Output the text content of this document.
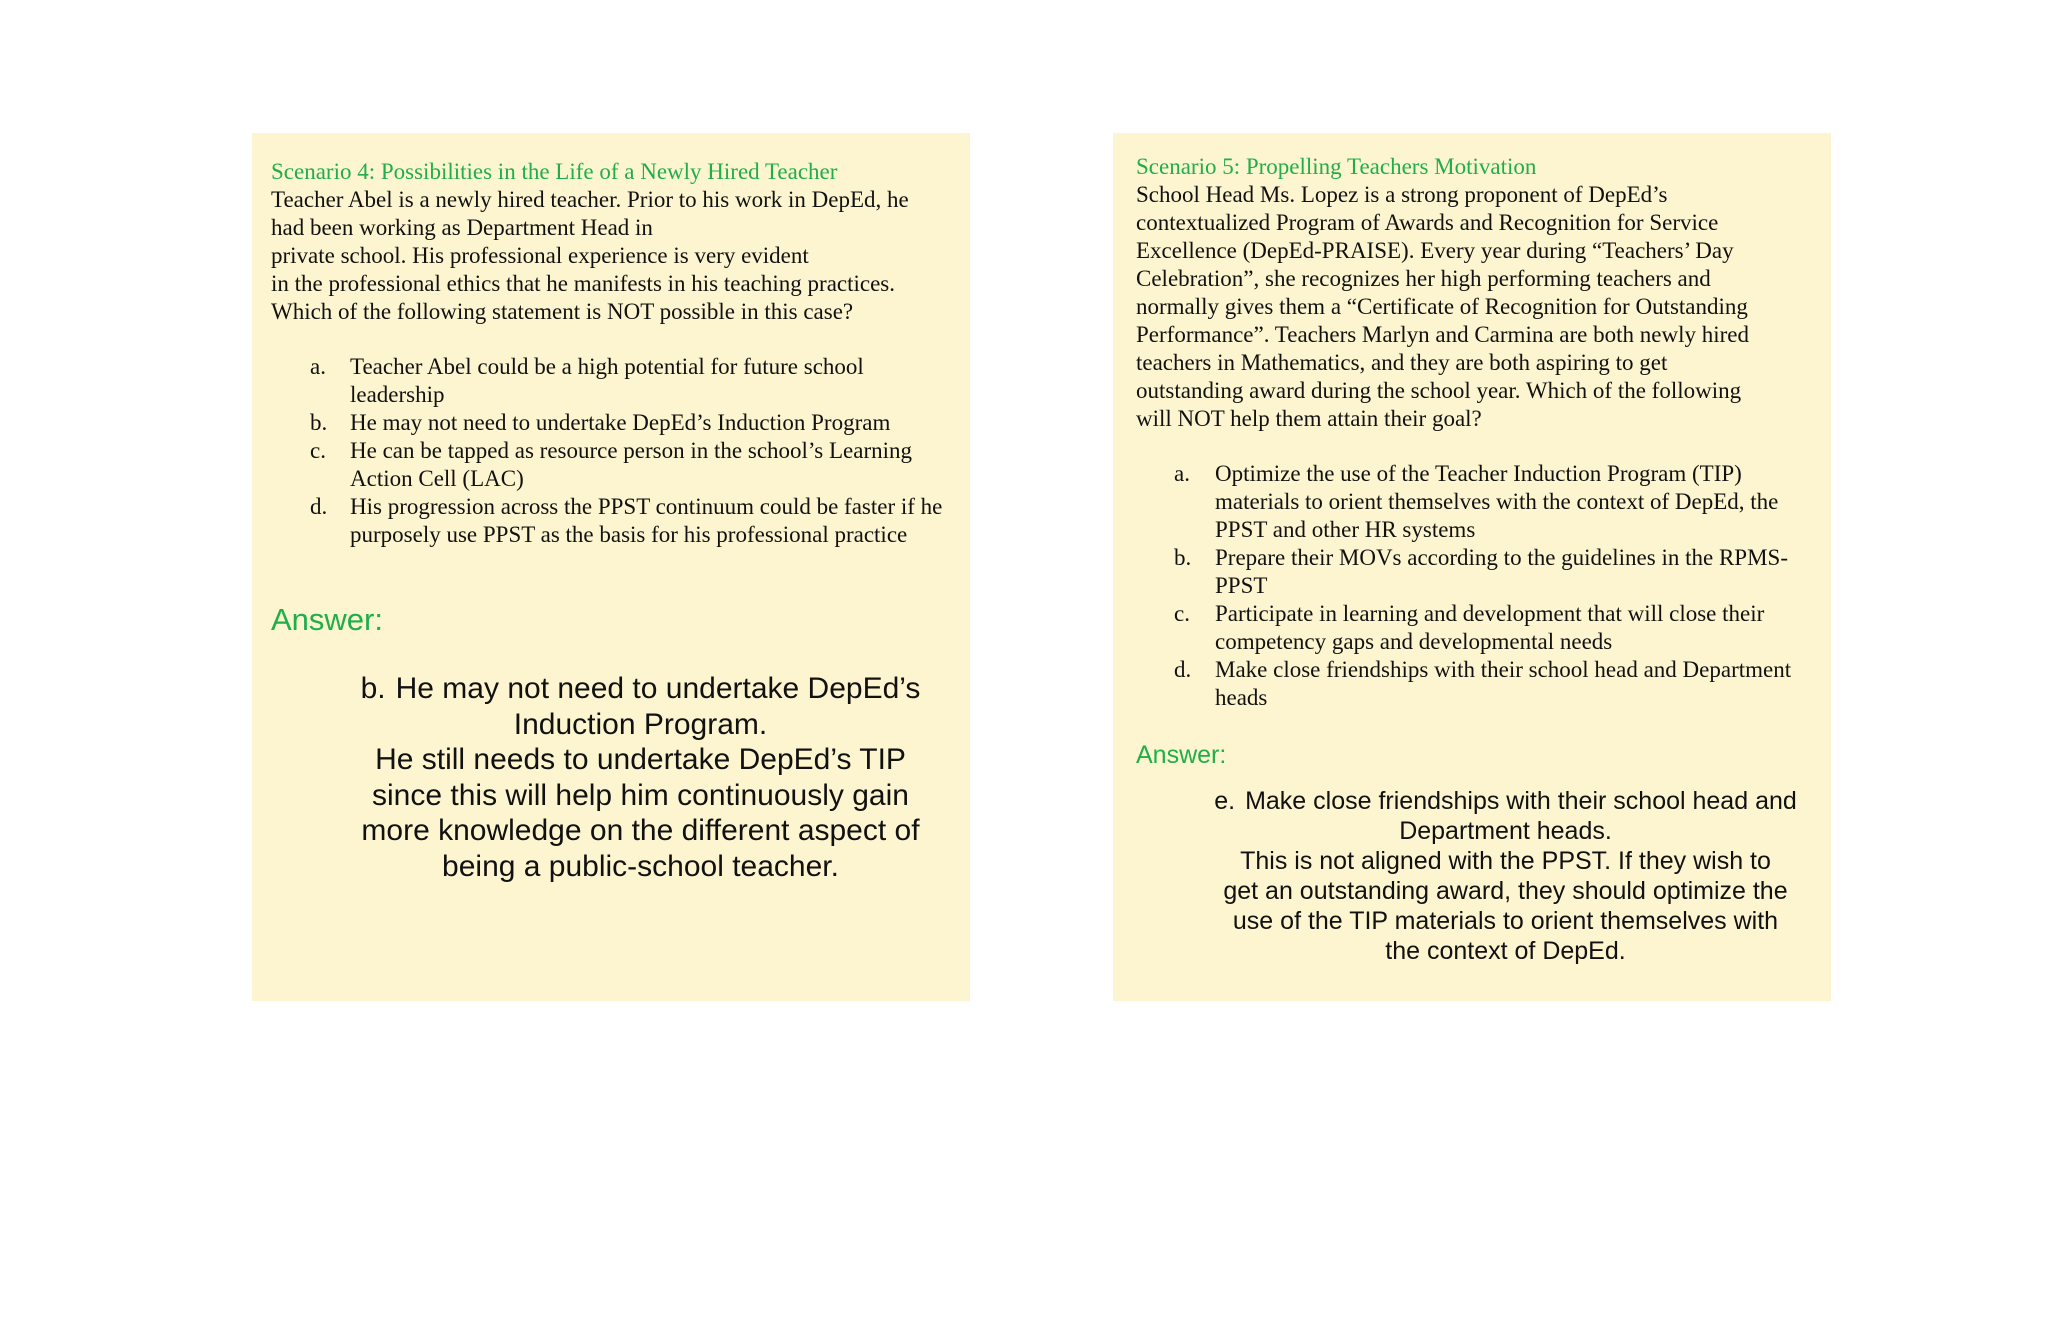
Scenario 4: Possibilities in the Life of a Newly Hired Teacher
Teacher Abel is a newly hired teacher. Prior to his work in DepEd, he
had been working as Department Head in
private school. His professional experience is very evident
in the professional ethics that he manifests in his teaching practices.
Which of the following statement is NOT possible in this case?
a.	Teacher Abel could be a high potential for future school leadership
b. He may not need to undertake DepEd’s Induction Program
c.	He can be tapped as resource person in the school’s Learning Action Cell (LAC)
d. His progression across the PPST continuum could be faster if he purposely use PPST as the basis for his professional practice
Answer:
b. He may not need to undertake DepEd’s
Induction Program.
He still needs to undertake DepEd’s TIP
since this will help him continuously gain
more knowledge on the different aspect of
being a public-school teacher.
Scenario 5: Propelling Teachers Motivation
School Head Ms. Lopez is a strong proponent of DepEd’s
contextualized Program of Awards and Recognition for Service
Excellence (DepEd-PRAISE). Every year during “Teachers’ Day
Celebration”, she recognizes her high performing teachers and
normally gives them a “Certificate of Recognition for Outstanding
Performance”. Teachers Marlyn and Carmina are both newly hired
teachers in Mathematics, and they are both aspiring to get
outstanding award during the school year. Which of the following
will NOT help them attain their goal?
a.	Optimize the use of the Teacher Induction Program (TIP) materials to orient themselves with the context of DepEd, the PPST and other HR systems
b.	Prepare their MOVs according to the guidelines in the RPMS-PPST
c.	Participate in learning and development that will close their competency gaps and developmental needs
d.	Make close friendships with their school head and Department heads
Answer:
e. Make close friendships with their school head and
Department heads.
This is not aligned with the PPST. If they wish to
get an outstanding award, they should optimize the
use of the TIP materials to orient themselves with
the context of DepEd.
